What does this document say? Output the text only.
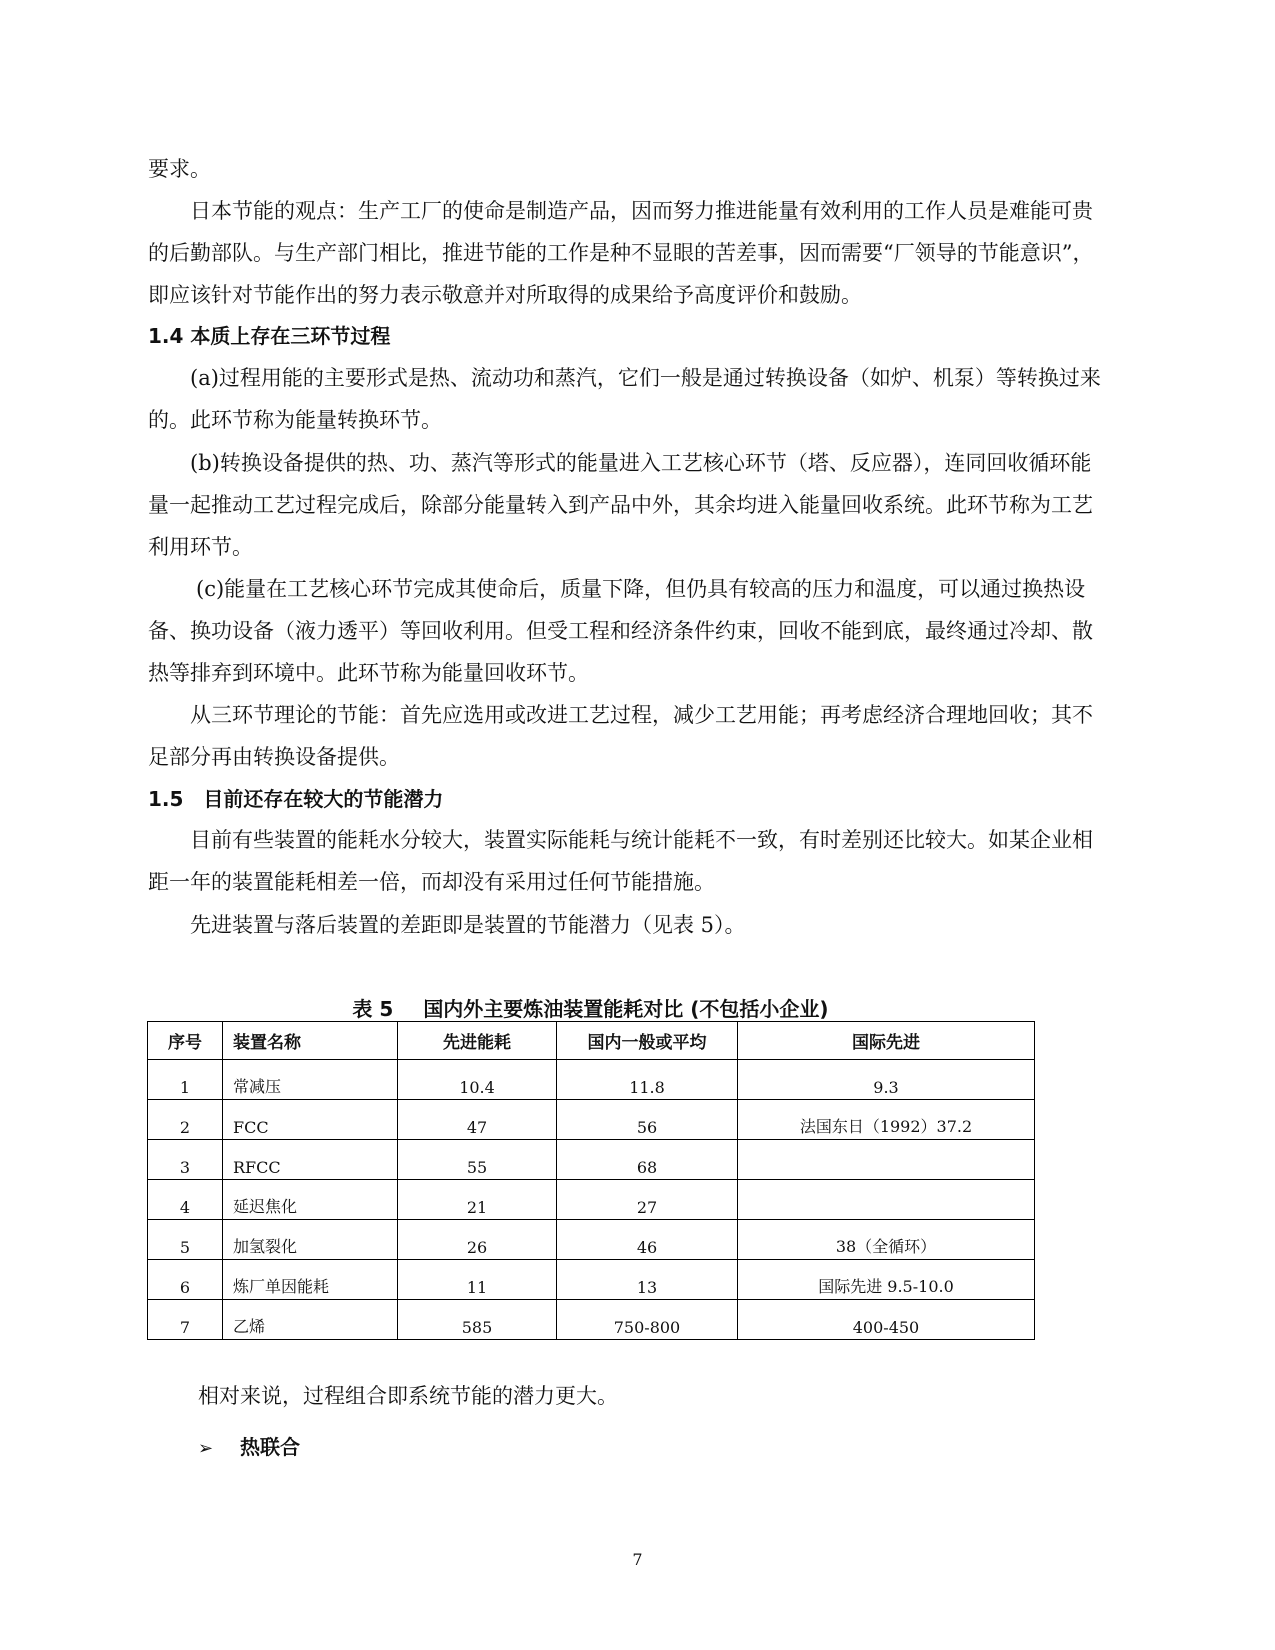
要求。
日本节能的观点：生产工厂的使命是制造产品，因而努力推进能量有效利用的工作人员是难能可贵
的后勤部队。与生产部门相比，推进节能的工作是种不显眼的苦差事，因而需要“厂领导的节能意识”，
即应该针对节能作出的努力表示敬意并对所取得的成果给予高度评价和鼓励。
1.4 本质上存在三环节过程
(a)过程用能的主要形式是热、流动功和蒸汽，它们一般是通过转换设备（如炉、机泵）等转换过来
的。此环节称为能量转换环节。
(b)转换设备提供的热、功、蒸汽等形式的能量进入工艺核心环节（塔、反应器），连同回收循环能
量一起推动工艺过程完成后，除部分能量转入到产品中外，其余均进入能量回收系统。此环节称为工艺
利用环节。
(c)能量在工艺核心环节完成其使命后，质量下降，但仍具有较高的压力和温度，可以通过换热设
备、换功设备（液力透平）等回收利用。但受工程和经济条件约束，回收不能到底，最终通过冷却、散
热等排弃到环境中。此环节称为能量回收环节。
从三环节理论的节能：首先应选用或改进工艺过程，减少工艺用能；再考虑经济合理地回收；其不
足部分再由转换设备提供。
1.5　目前还存在较大的节能潜力
目前有些装置的能耗水分较大，装置实际能耗与统计能耗不一致，有时差别还比较大。如某企业相
距一年的装置能耗相差一倍，而却没有采用过任何节能措施。
先进装置与落后装置的差距即是装置的节能潜力（见表 5）。
表 5 国内外主要炼油装置能耗对比 (不包括小企业)
序号	装置名称	先进能耗	国内一般或平均	国际先进
1	常减压	10.4	11.8	9.3
2	FCC	47	56	法国东日（1992）37.2
3	RFCC	55	68	
4	延迟焦化	21	27	
5	加氢裂化	26	46	38（全循环）
6	炼厂单因能耗	11	13	国际先进 9.5-10.0
7	乙烯	585	750-800	400-450
相对来说，过程组合即系统节能的潜力更大。
➢ 热联合
7
